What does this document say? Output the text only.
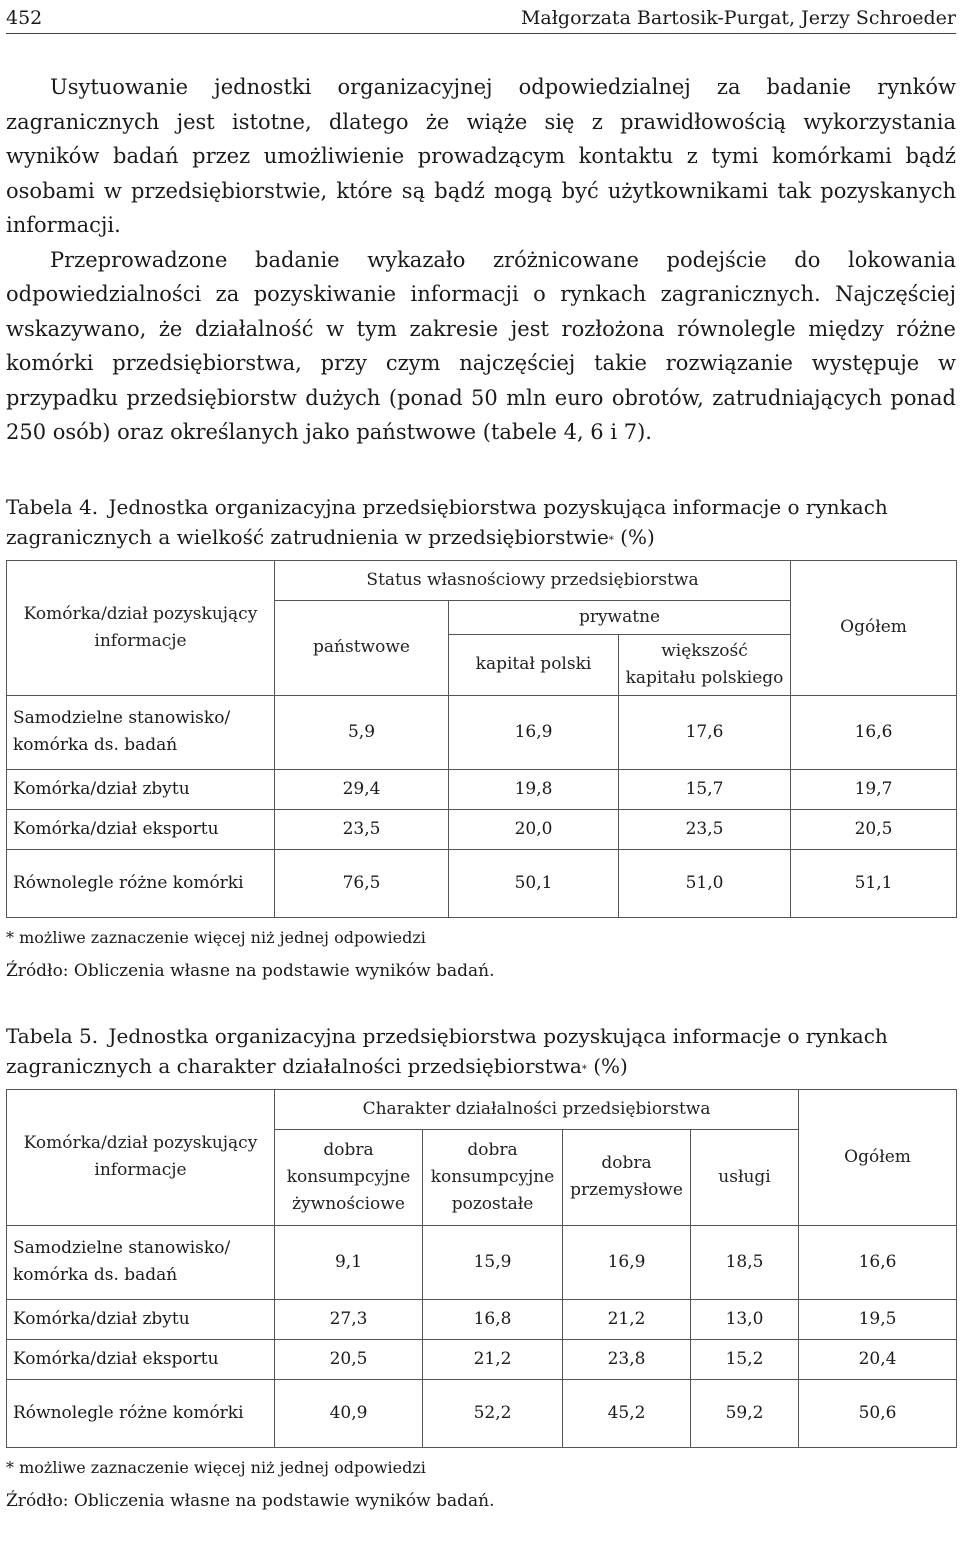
452	Małgorzata Bartosik-Purgat, Jerzy Schroeder

Usytuowanie jednostki organizacyjnej odpowiedzialnej za badanie rynków zagranicznych jest istotne, dlatego że wiąże się z prawidłowością wykorzystania wyników badań przez umożliwienie prowadzącym kontaktu z tymi komórkami bądź osobami w przedsiębiorstwie, które są bądź mogą być użytkownikami tak pozyskanych informacji.

Przeprowadzone badanie wykazało zróżnicowane podejście do lokowania odpowiedzialności za pozyskiwanie informacji o rynkach zagranicznych. Najczęściej wskazywano, że działalność w tym zakresie jest rozłożona równolegle między różne komórki przedsiębiorstwa, przy czym najczęściej takie rozwiązanie występuje w przypadku przedsiębiorstw dużych (ponad 50 mln euro obrotów, zatrudniających ponad 250 osób) oraz określanych jako państwowe (tabele 4, 6 i 7).

Tabela 4. Jednostka organizacyjna przedsiębiorstwa pozyskująca informacje o rynkach zagranicznych a wielkość zatrudnienia w przedsiębiorstwie* (%)

Komórka/dział pozyskujący informacje	Status własnościowy przedsiębiorstwa			Ogółem
	państwowe	prywatne		
		kapitał polski	większość kapitału polskiego	
Samodzielne stanowisko/ komórka ds. badań	5,9	16,9	17,6	16,6
Komórka/dział zbytu	29,4	19,8	15,7	19,7
Komórka/dział eksportu	23,5	20,0	23,5	20,5
Równolegle różne komórki	76,5	50,1	51,0	51,1
* możliwe zaznaczenie więcej niż jednej odpowiedzi
Źródło: Obliczenia własne na podstawie wyników badań.

Tabela 5. Jednostka organizacyjna przedsiębiorstwa pozyskująca informacje o rynkach zagranicznych a charakter działalności przedsiębiorstwa* (%)

Komórka/dział pozyskujący informacje	Charakter działalności przedsiębiorstwa				Ogółem
	dobra konsumpcyjne żywnościowe	dobra konsumpcyjne pozostałe	dobra przemysłowe	usługi	
Samodzielne stanowisko/ komórka ds. badań	9,1	15,9	16,9	18,5	16,6
Komórka/dział zbytu	27,3	16,8	21,2	13,0	19,5
Komórka/dział eksportu	20,5	21,2	23,8	15,2	20,4
Równolegle różne komórki	40,9	52,2	45,2	59,2	50,6
* możliwe zaznaczenie więcej niż jednej odpowiedzi
Źródło: Obliczenia własne na podstawie wyników badań.
